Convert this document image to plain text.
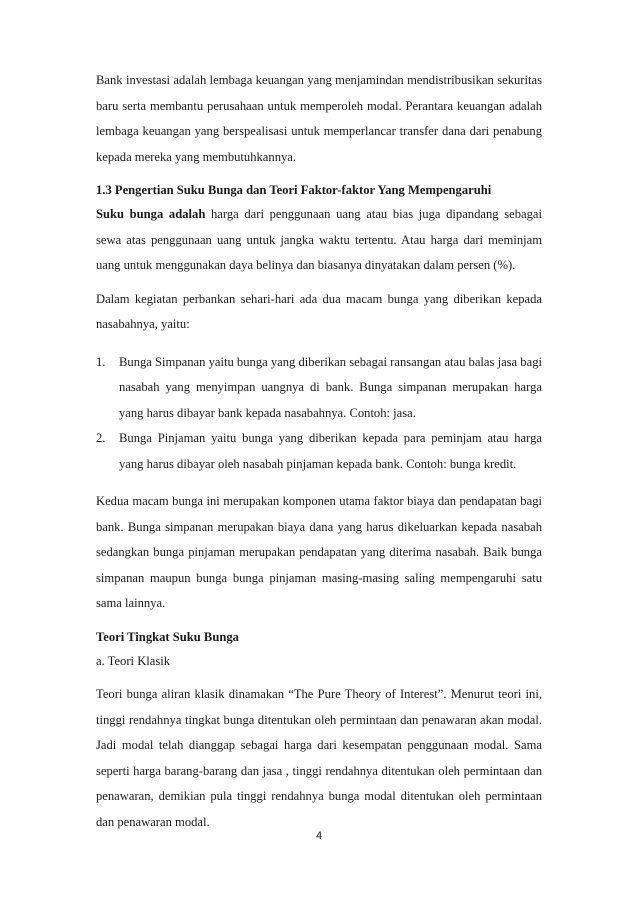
Bank investasi adalah lembaga keuangan yang menjamindan mendistribusikan sekuritas baru serta membantu perusahaan untuk memperoleh modal. Perantara keuangan adalah lembaga keuangan yang berspealisasi untuk memperlancar transfer dana dari penabung kepada mereka yang membutuhkannya.

1.3 Pengertian Suku Bunga dan Teori Faktor-faktor Yang Mempengaruhi

Suku bunga adalah harga dari penggunaan uang atau bias juga dipandang sebagai sewa atas penggunaan uang untuk jangka waktu tertentu. Atau harga dari meminjam uang untuk menggunakan daya belinya dan biasanya dinyatakan dalam persen (%).

Dalam kegiatan perbankan sehari-hari ada dua macam bunga yang diberikan kepada nasabahnya, yaitu:

1. Bunga Simpanan yaitu bunga yang diberikan sebagai ransangan atau balas jasa bagi nasabah yang menyimpan uangnya di bank. Bunga simpanan merupakan harga yang harus dibayar bank kepada nasabahnya. Contoh: jasa.
2. Bunga Pinjaman yaitu bunga yang diberikan kepada para peminjam atau harga yang harus dibayar oleh nasabah pinjaman kepada bank. Contoh: bunga kredit.

Kedua macam bunga ini merupakan komponen utama faktor biaya dan pendapatan bagi bank. Bunga simpanan merupakan biaya dana yang harus dikeluarkan kepada nasabah sedangkan bunga pinjaman merupakan pendapatan yang diterima nasabah. Baik bunga simpanan maupun bunga bunga pinjaman masing-masing saling mempengaruhi satu sama lainnya.

Teori Tingkat Suku Bunga

a. Teori Klasik

Teori bunga aliran klasik dinamakan “The Pure Theory of Interest”. Menurut teori ini, tinggi rendahnya tingkat bunga ditentukan oleh permintaan dan penawaran akan modal. Jadi modal telah dianggap sebagai harga dari kesempatan penggunaan modal. Sama seperti harga barang-barang dan jasa , tinggi rendahnya ditentukan oleh permintaan dan penawaran, demikian pula tinggi rendahnya bunga modal ditentukan oleh permintaan dan penawaran modal.

4
